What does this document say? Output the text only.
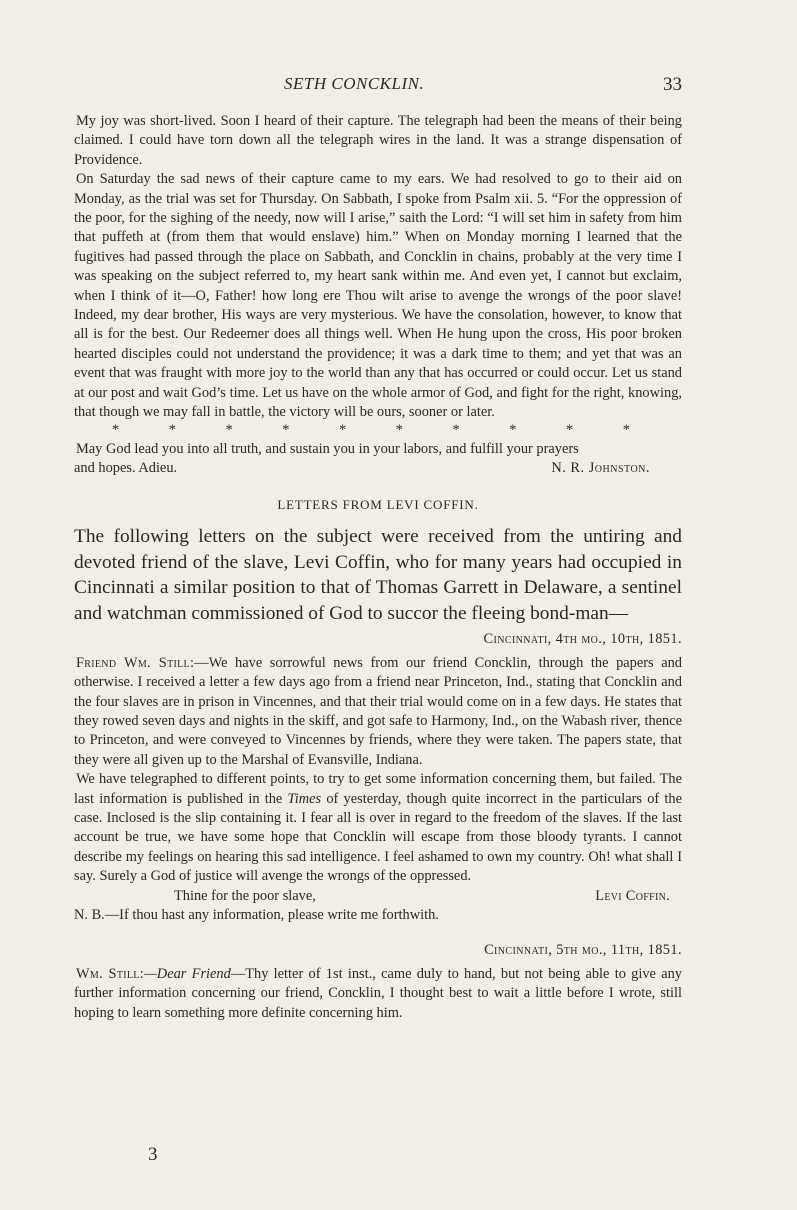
SETH CONCKLIN.	33

My joy was short-lived. Soon I heard of their capture. The telegraph had been the means of their being claimed. I could have torn down all the telegraph wires in the land. It was a strange dispensation of Providence.

On Saturday the sad news of their capture came to my ears. We had resolved to go to their aid on Monday, as the trial was set for Thursday. On Sabbath, I spoke from Psalm xii. 5. “For the oppression of the poor, for the sighing of the needy, now will I arise,” saith the Lord: “I will set him in safety from him that puffeth at (from them that would enslave) him.” When on Monday morning I learned that the fugitives had passed through the place on Sabbath, and Concklin in chains, probably at the very time I was speaking on the subject referred to, my heart sank within me. And even yet, I cannot but exclaim, when I think of it—O, Father! how long ere Thou wilt arise to avenge the wrongs of the poor slave! Indeed, my dear brother, His ways are very mysterious. We have the consolation, however, to know that all is for the best. Our Redeemer does all things well. When He hung upon the cross, His poor broken hearted disciples could not understand the providence; it was a dark time to them; and yet that was an event that was fraught with more joy to the world than any that has occurred or could occur. Let us stand at our post and wait God’s time. Let us have on the whole armor of God, and fight for the right, knowing, that though we may fall in battle, the victory will be ours, sooner or later.

*	*	*	*	*	*	*	*	*	*

May God lead you into all truth, and sustain you in your labors, and fulfill your prayers

and hopes. Adieu.	N. R. Johnston.
LETTERS FROM LEVI COFFIN.

The following letters on the subject were received from the untiring and devoted friend of the slave, Levi Coffin, who for many years had occupied in Cincinnati a similar position to that of Thomas Garrett in Delaware, a sentinel and watchman commissioned of God to succor the fleeing bond-man—

Cincinnati, 4th mo., 10th, 1851.

Friend Wm. Still:—We have sorrowful news from our friend Concklin, through the papers and otherwise. I received a letter a few days ago from a friend near Princeton, Ind., stating that Concklin and the four slaves are in prison in Vincennes, and that their trial would come on in a few days. He states that they rowed seven days and nights in the skiff, and got safe to Harmony, Ind., on the Wabash river, thence to Princeton, and were conveyed to Vincennes by friends, where they were taken. The papers state, that they were all given up to the Marshal of Evansville, Indiana.

We have telegraphed to different points, to try to get some information concerning them, but failed. The last information is published in the Times of yesterday, though quite incorrect in the particulars of the case. Inclosed is the slip containing it. I fear all is over in regard to the freedom of the slaves. If the last account be true, we have some hope that Concklin will escape from those bloody tyrants. I cannot describe my feelings on hearing this sad intelligence. I feel ashamed to own my country. Oh! what shall I say. Surely a God of justice will avenge the wrongs of the oppressed.

Thine for the poor slave,	Levi Coffin.

N. B.—If thou hast any information, please write me forthwith.

Cincinnati, 5th mo., 11th, 1851.

Wm. Still:—Dear Friend—Thy letter of 1st inst., came duly to hand, but not being able to give any further information concerning our friend, Concklin, I thought best to wait a little before I wrote, still hoping to learn something more definite concerning him.

3
